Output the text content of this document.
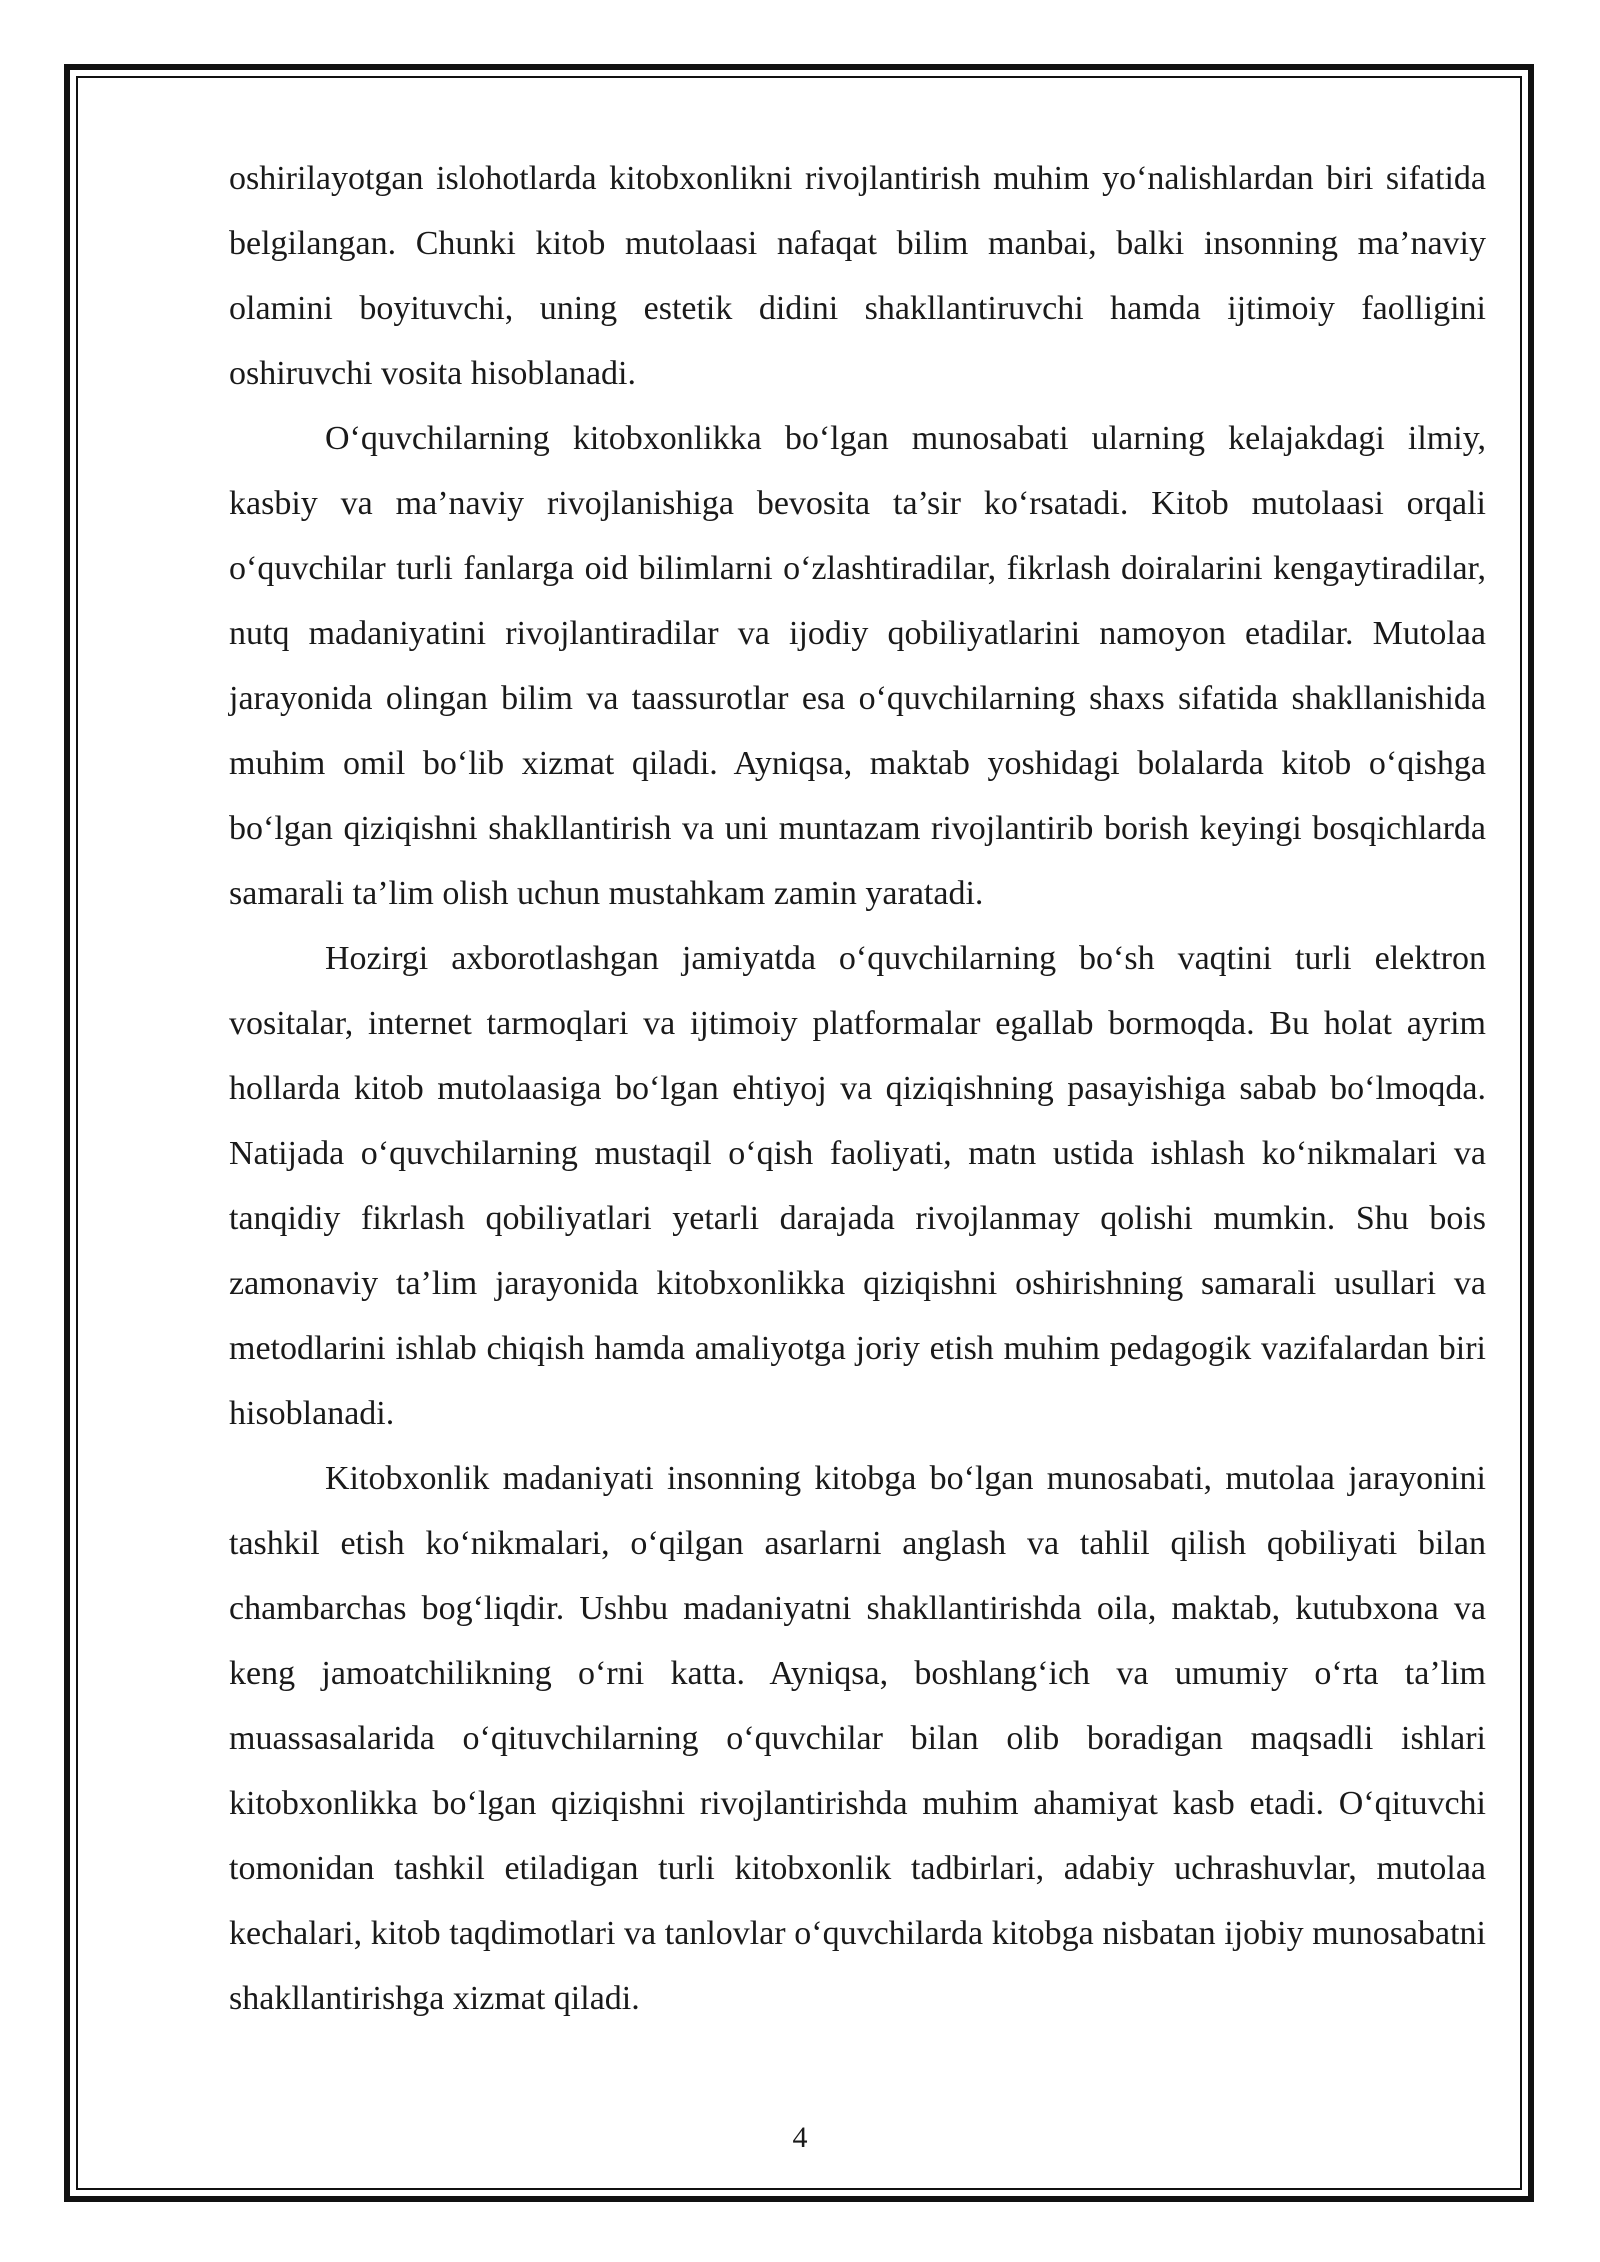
oshirilayotgan islohotlarda kitobxonlikni rivojlantirish muhim yo‘nalishlardan biri sifatida belgilangan. Chunki kitob mutolaasi nafaqat bilim manbai, balki insonning ma’naviy olamini boyituvchi, uning estetik didini shakllantiruvchi hamda ijtimoiy faolligini oshiruvchi vosita hisoblanadi.

O‘quvchilarning kitobxonlikka bo‘lgan munosabati ularning kelajakdagi ilmiy, kasbiy va ma’naviy rivojlanishiga bevosita ta’sir ko‘rsatadi. Kitob mutolaasi orqali o‘quvchilar turli fanlarga oid bilimlarni o‘zlashtiradilar, fikrlash doiralarini kengaytiradilar, nutq madaniyatini rivojlantiradilar va ijodiy qobiliyatlarini namoyon etadilar. Mutolaa jarayonida olingan bilim va taassurotlar esa o‘quvchilarning shaxs sifatida shakllanishida muhim omil bo‘lib xizmat qiladi. Ayniqsa, maktab yoshidagi bolalarda kitob o‘qishga bo‘lgan qiziqishni shakllantirish va uni muntazam rivojlantirib borish keyingi bosqichlarda samarali ta’lim olish uchun mustahkam zamin yaratadi.

Hozirgi axborotlashgan jamiyatda o‘quvchilarning bo‘sh vaqtini turli elektron vositalar, internet tarmoqlari va ijtimoiy platformalar egallab bormoqda. Bu holat ayrim hollarda kitob mutolaasiga bo‘lgan ehtiyoj va qiziqishning pasayishiga sabab bo‘lmoqda. Natijada o‘quvchilarning mustaqil o‘qish faoliyati, matn ustida ishlash ko‘nikmalari va tanqidiy fikrlash qobiliyatlari yetarli darajada rivojlanmay qolishi mumkin. Shu bois zamonaviy ta’lim jarayonida kitobxonlikka qiziqishni oshirishning samarali usullari va metodlarini ishlab chiqish hamda amaliyotga joriy etish muhim pedagogik vazifalardan biri hisoblanadi.

Kitobxonlik madaniyati insonning kitobga bo‘lgan munosabati, mutolaa jarayonini tashkil etish ko‘nikmalari, o‘qilgan asarlarni anglash va tahlil qilish qobiliyati bilan chambarchas bog‘liqdir. Ushbu madaniyatni shakllantirishda oila, maktab, kutubxona va keng jamoatchilikning o‘rni katta. Ayniqsa, boshlang‘ich va umumiy o‘rta ta’lim muassasalarida o‘qituvchilarning o‘quvchilar bilan olib boradigan maqsadli ishlari kitobxonlikka bo‘lgan qiziqishni rivojlantirishda muhim ahamiyat kasb etadi. O‘qituvchi tomonidan tashkil etiladigan turli kitobxonlik tadbirlari, adabiy uchrashuvlar, mutolaa kechalari, kitob taqdimotlari va tanlovlar o‘quvchilarda kitobga nisbatan ijobiy munosabatni shakllantirishga xizmat qiladi.

4
